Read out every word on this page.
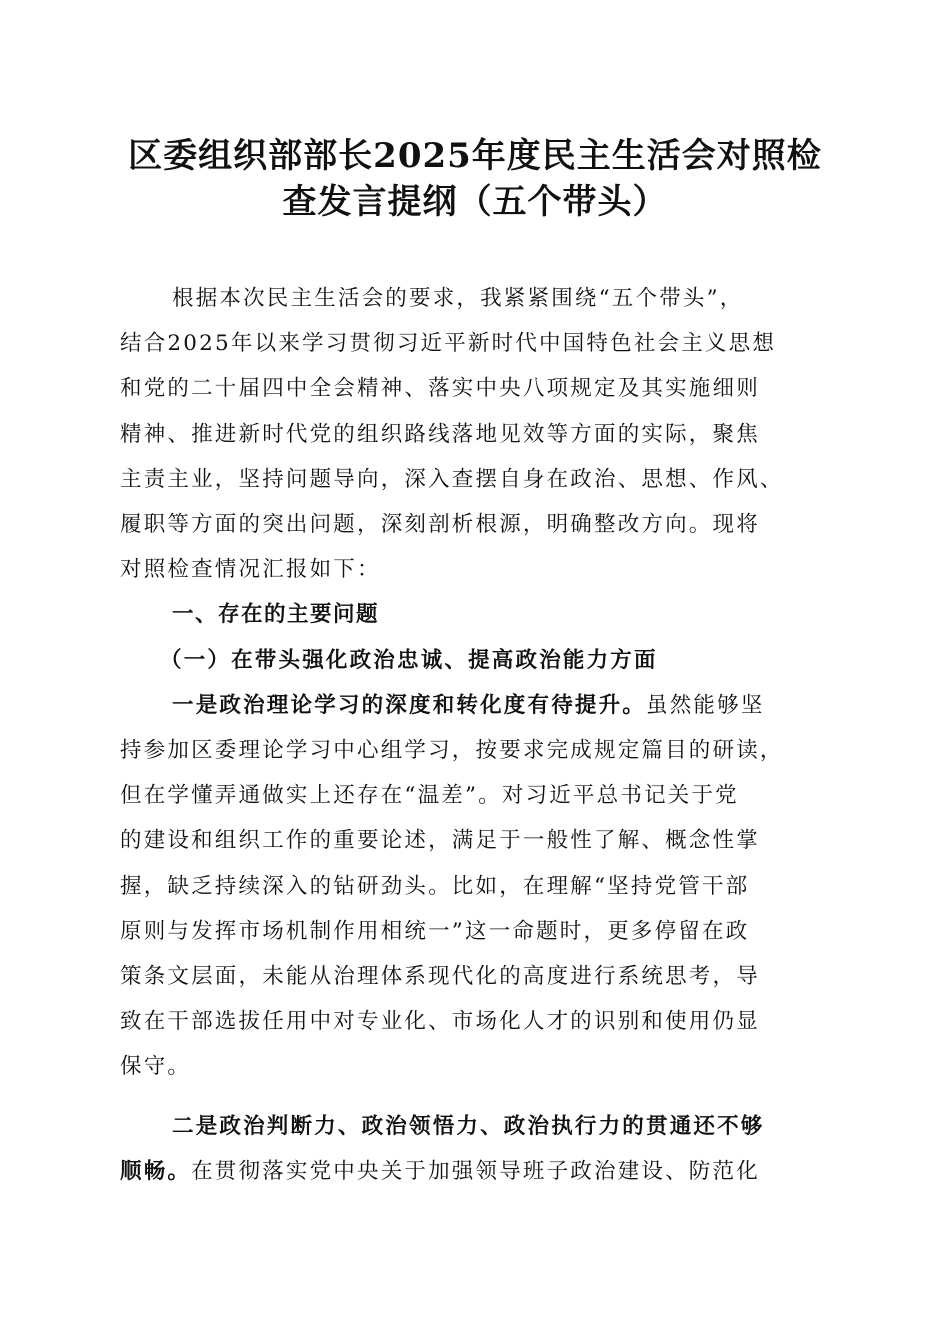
区委组织部部长2025年度民主生活会对照检
查发言提纲（五个带头）
根据本次民主生活会的要求，我紧紧围绕“五个带头”，
结合2025年以来学习贯彻习近平新时代中国特色社会主义思想
和党的二十届四中全会精神、落实中央八项规定及其实施细则
精神、推进新时代党的组织路线落地见效等方面的实际，聚焦
主责主业，坚持问题导向，深入查摆自身在政治、思想、作风、
履职等方面的突出问题，深刻剖析根源，明确整改方向。现将
对照检查情况汇报如下：
一、存在的主要问题
（一）在带头强化政治忠诚、提高政治能力方面
一是政治理论学习的深度和转化度有待提升。虽然能够坚
持参加区委理论学习中心组学习，按要求完成规定篇目的研读，
但在学懂弄通做实上还存在“温差”。对习近平总书记关于党
的建设和组织工作的重要论述，满足于一般性了解、概念性掌
握，缺乏持续深入的钻研劲头。比如，在理解“坚持党管干部
原则与发挥市场机制作用相统一”这一命题时，更多停留在政
策条文层面，未能从治理体系现代化的高度进行系统思考，导
致在干部选拔任用中对专业化、市场化人才的识别和使用仍显
保守。
二是政治判断力、政治领悟力、政治执行力的贯通还不够
顺畅。在贯彻落实党中央关于加强领导班子政治建设、防范化
